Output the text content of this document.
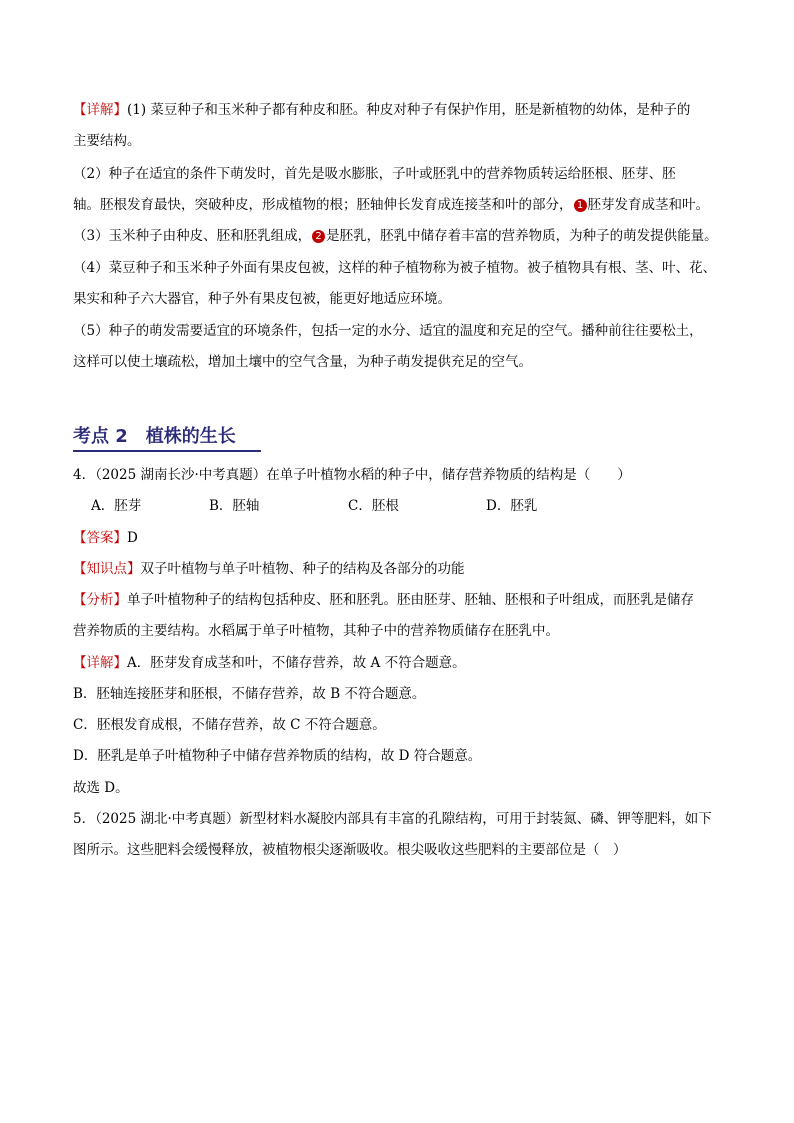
【详解】(1) 菜豆种子和玉米种子都有种皮和胚。种皮对种子有保护作用，胚是新植物的幼体，是种子的
主要结构。
（2）种子在适宜的条件下萌发时，首先是吸水膨胀，子叶或胚乳中的营养物质转运给胚根、胚芽、胚
轴。胚根发育最快，突破种皮，形成植物的根；胚轴伸长发育成连接茎和叶的部分， 1 胚芽发育成茎和叶。
（3）玉米种子由种皮、胚和胚乳组成， 2 是胚乳，胚乳中储存着丰富的营养物质，为种子的萌发提供能量。
（4）菜豆种子和玉米种子外面有果皮包被，这样的种子植物称为被子植物。被子植物具有根、茎、叶、花、
果实和种子六大器官，种子外有果皮包被，能更好地适应环境。
（5）种子的萌发需要适宜的环境条件，包括一定的水分、适宜的温度和充足的空气。播种前往往要松土，
这样可以使土壤疏松，增加土壤中的空气含量，为种子萌发提供充足的空气。
考点 2 植株的生长
4．（2025 湖南长沙·中考真题）在单子叶植物水稻的种子中，储存营养物质的结构是（　　）
A．胚芽	B．胚轴	C．胚根	D．胚乳
【答案】D
【知识点】双子叶植物与单子叶植物、种子的结构及各部分的功能
【分析】单子叶植物种子的结构包括种皮、胚和胚乳。胚由胚芽、胚轴、胚根和子叶组成，而胚乳是储存
营养物质的主要结构。水稻属于单子叶植物，其种子中的营养物质储存在胚乳中。
【详解】A．胚芽发育成茎和叶，不储存营养，故 A 不符合题意。
B．胚轴连接胚芽和胚根，不储存营养，故 B 不符合题意。
C．胚根发育成根，不储存营养，故 C 不符合题意。
D．胚乳是单子叶植物种子中储存营养物质的结构，故 D 符合题意。
故选 D。
5．（2025 湖北·中考真题）新型材料水凝胶内部具有丰富的孔隙结构，可用于封装氮、磷、钾等肥料，如下
图所示。这些肥料会缓慢释放，被植物根尖逐渐吸收。根尖吸收这些肥料的主要部位是（　）
